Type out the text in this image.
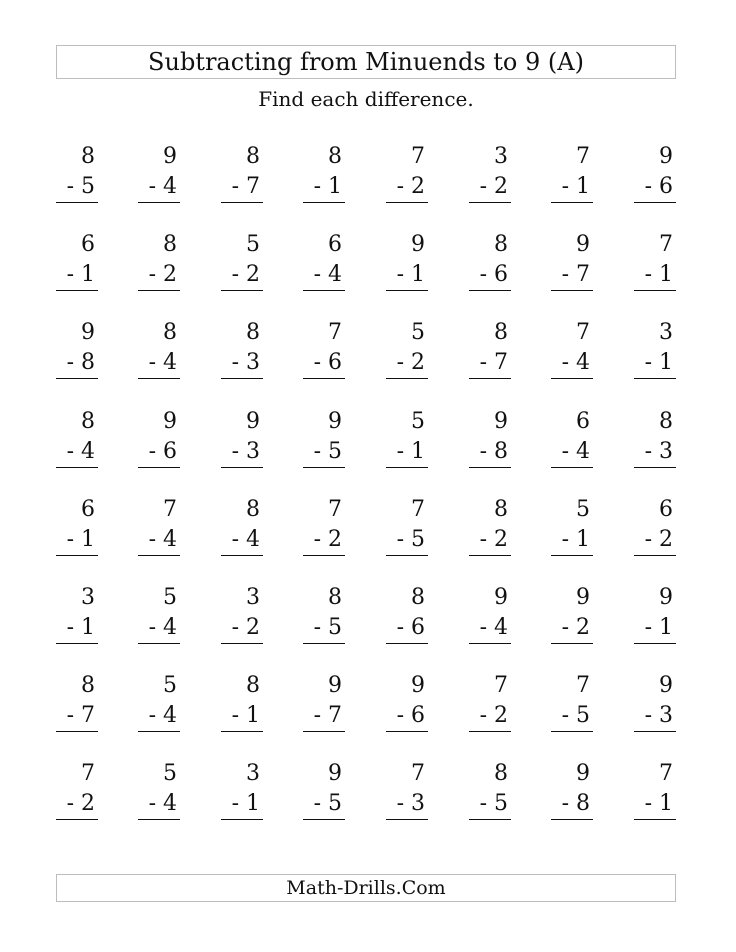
Subtracting from Minuends to 9 (A)
Find each difference.
8
- 5
9
- 4
8
- 7
8
- 1
7
- 2
3
- 2
7
- 1
9
- 6
6
- 1
8
- 2
5
- 2
6
- 4
9
- 1
8
- 6
9
- 7
7
- 1
9
- 8
8
- 4
8
- 3
7
- 6
5
- 2
8
- 7
7
- 4
3
- 1
8
- 4
9
- 6
9
- 3
9
- 5
5
- 1
9
- 8
6
- 4
8
- 3
6
- 1
7
- 4
8
- 4
7
- 2
7
- 5
8
- 2
5
- 1
6
- 2
3
- 1
5
- 4
3
- 2
8
- 5
8
- 6
9
- 4
9
- 2
9
- 1
8
- 7
5
- 4
8
- 1
9
- 7
9
- 6
7
- 2
7
- 5
9
- 3
7
- 2
5
- 4
3
- 1
9
- 5
7
- 3
8
- 5
9
- 8
7
- 1
Math-Drills.Com
